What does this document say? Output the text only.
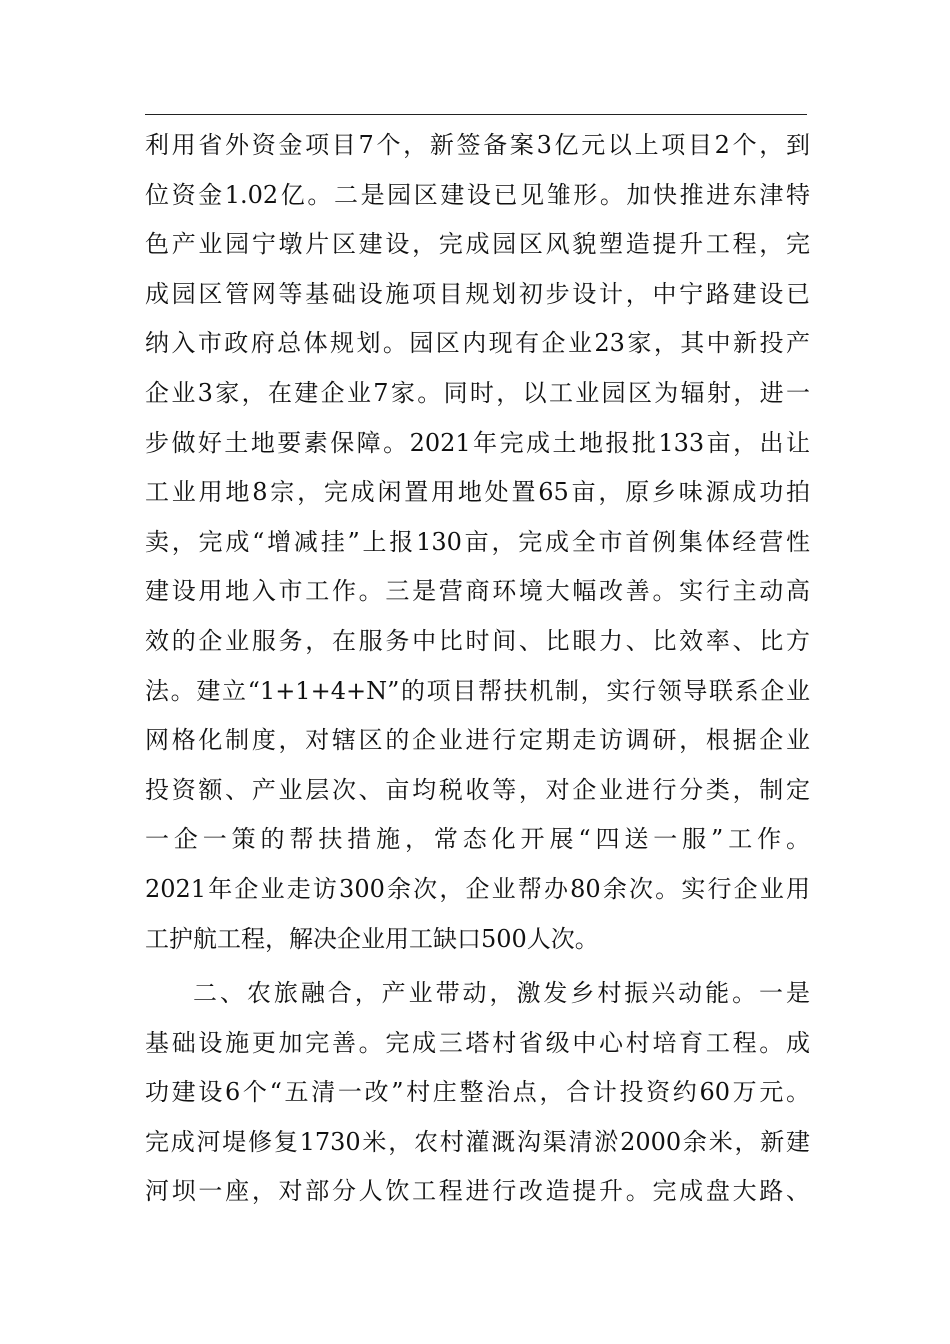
利用省外资金项目7个，新签备案3亿元以上项目2个，到
位资金1.02亿。二是园区建设已见雏形。加快推进东津特
色产业园宁墩片区建设，完成园区风貌塑造提升工程，完
成园区管网等基础设施项目规划初步设计，中宁路建设已
纳入市政府总体规划。园区内现有企业23家，其中新投产
企业3家，在建企业7家。同时，以工业园区为辐射，进一
步做好土地要素保障。2021年完成土地报批133亩，出让
工业用地8宗，完成闲置用地处置65亩，原乡味源成功拍
卖，完成“增减挂”上报130亩，完成全市首例集体经营性
建设用地入市工作。三是营商环境大幅改善。实行主动高
效的企业服务，在服务中比时间、比眼力、比效率、比方
法。建立“1+1+4+N”的项目帮扶机制，实行领导联系企业
网格化制度，对辖区的企业进行定期走访调研，根据企业
投资额、产业层次、亩均税收等，对企业进行分类，制定
一企一策的帮扶措施，常态化开展“四送一服”工作。
2021年企业走访300余次，企业帮办80余次。实行企业用
工护航工程，解决企业用工缺口500人次。
二、农旅融合，产业带动，激发乡村振兴动能。一是
基础设施更加完善。完成三塔村省级中心村培育工程。成
功建设6个“五清一改”村庄整治点，合计投资约60万元。
完成河堤修复1730米，农村灌溉沟渠清淤2000余米，新建
河坝一座，对部分人饮工程进行改造提升。完成盘大路、
